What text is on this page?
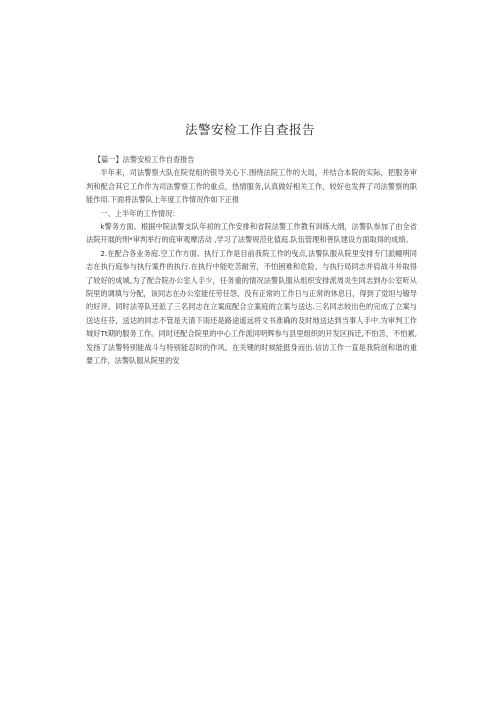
法警安检工作自查报告

【篇一】法警安检工作自查报告

半年来，司法警察大队在院党组的银导关心下.围绕法院工作的大局，并结合本院的实际，把服务审判和配合其它工作作为司法警察工作的重点，热情服务,认真做好相关工作，较好也发挥了司法警察的职能作用.下面将法警队上年度工作情况作如下正报

一、上半年的工作情况：

k警务方面。根据中院法警支队年初的工作安排和省院法警工作教有训练大纲，法警队参加了由全省法院开展的刑*审判举行的庭审观摩活动 ,学习了法警规范化值庭.队伍管理和善队建设方面取得的成绩。

2.在配合各业务庭.空工作方面。执行工作是目前我院工作的曳点,法警队服从院里安排专门派幢明同志在执行庭参与执行案件的执行.在执行中能吃苦耐劳，不怕困难和危险，与执行局同志并肩战斗并取得了较好的成城,为了配合院办公室人手少，任务重的情况法警队服从组织安排派周炎生同志到办公室听从院里的调填与分配，该同志在办公室能任劳任怨，没有正常的工作日与正常的休息日，得到了觉坦与镣导的好评。同时法等队还派了三名同志在立案庭配合立案庭的立案与送达.三名同志较出色的完成了立案与送达任芬，送达的同志不管是天清下雨还是路途遥远将文书准确的及时地送达到当事人手中.为审判工作城好Tt期的服务工作。同时还配合院里的中心工作派同明辉参与县里组织的开发区拆迁,不怕苦，不怕累,发扬了法警特别能战斗与特别能忍时的作风。在关键的时候能挺身而出.信访工作一直是我院创和谐的重要工作，法警队服从院里的安
